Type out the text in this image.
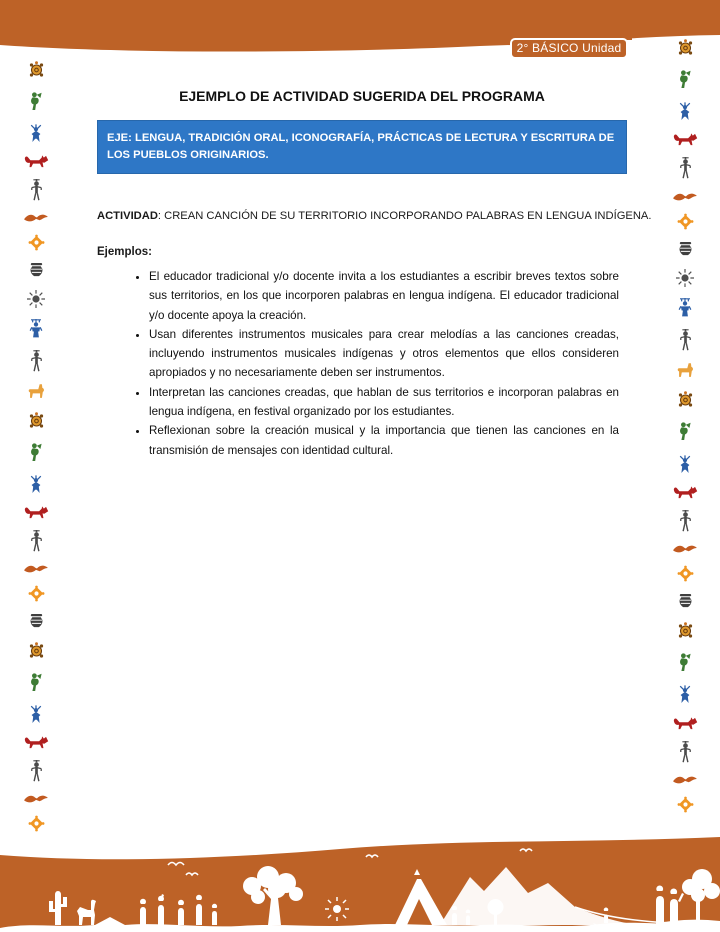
2° BÁSICO Unidad 4
EJEMPLO DE ACTIVIDAD SUGERIDA DEL PROGRAMA
EJE: LENGUA, TRADICIÓN ORAL, ICONOGRAFÍA, PRÁCTICAS DE LECTURA Y ESCRITURA DE LOS PUEBLOS ORIGINARIOS.
ACTIVIDAD: CREAN CANCIÓN DE SU TERRITORIO INCORPORANDO PALABRAS EN LENGUA INDÍGENA.
Ejemplos:
• El educador tradicional y/o docente invita a los estudiantes a escribir breves textos sobre sus territorios, en los que incorporen palabras en lengua indígena. El educador tradicional y/o docente apoya la creación.
• Usan diferentes instrumentos musicales para crear melodías a las canciones creadas, incluyendo instrumentos musicales indígenas y otros elementos que ellos consideren apropiados y no necesariamente deben ser instrumentos.
• Interpretan las canciones creadas, que hablan de sus territorios e incorporan palabras en lengua indígena, en festival organizado por los estudiantes.
• Reflexionan sobre la creación musical y la importancia que tienen las canciones en la transmisión de mensajes con identidad cultural.
